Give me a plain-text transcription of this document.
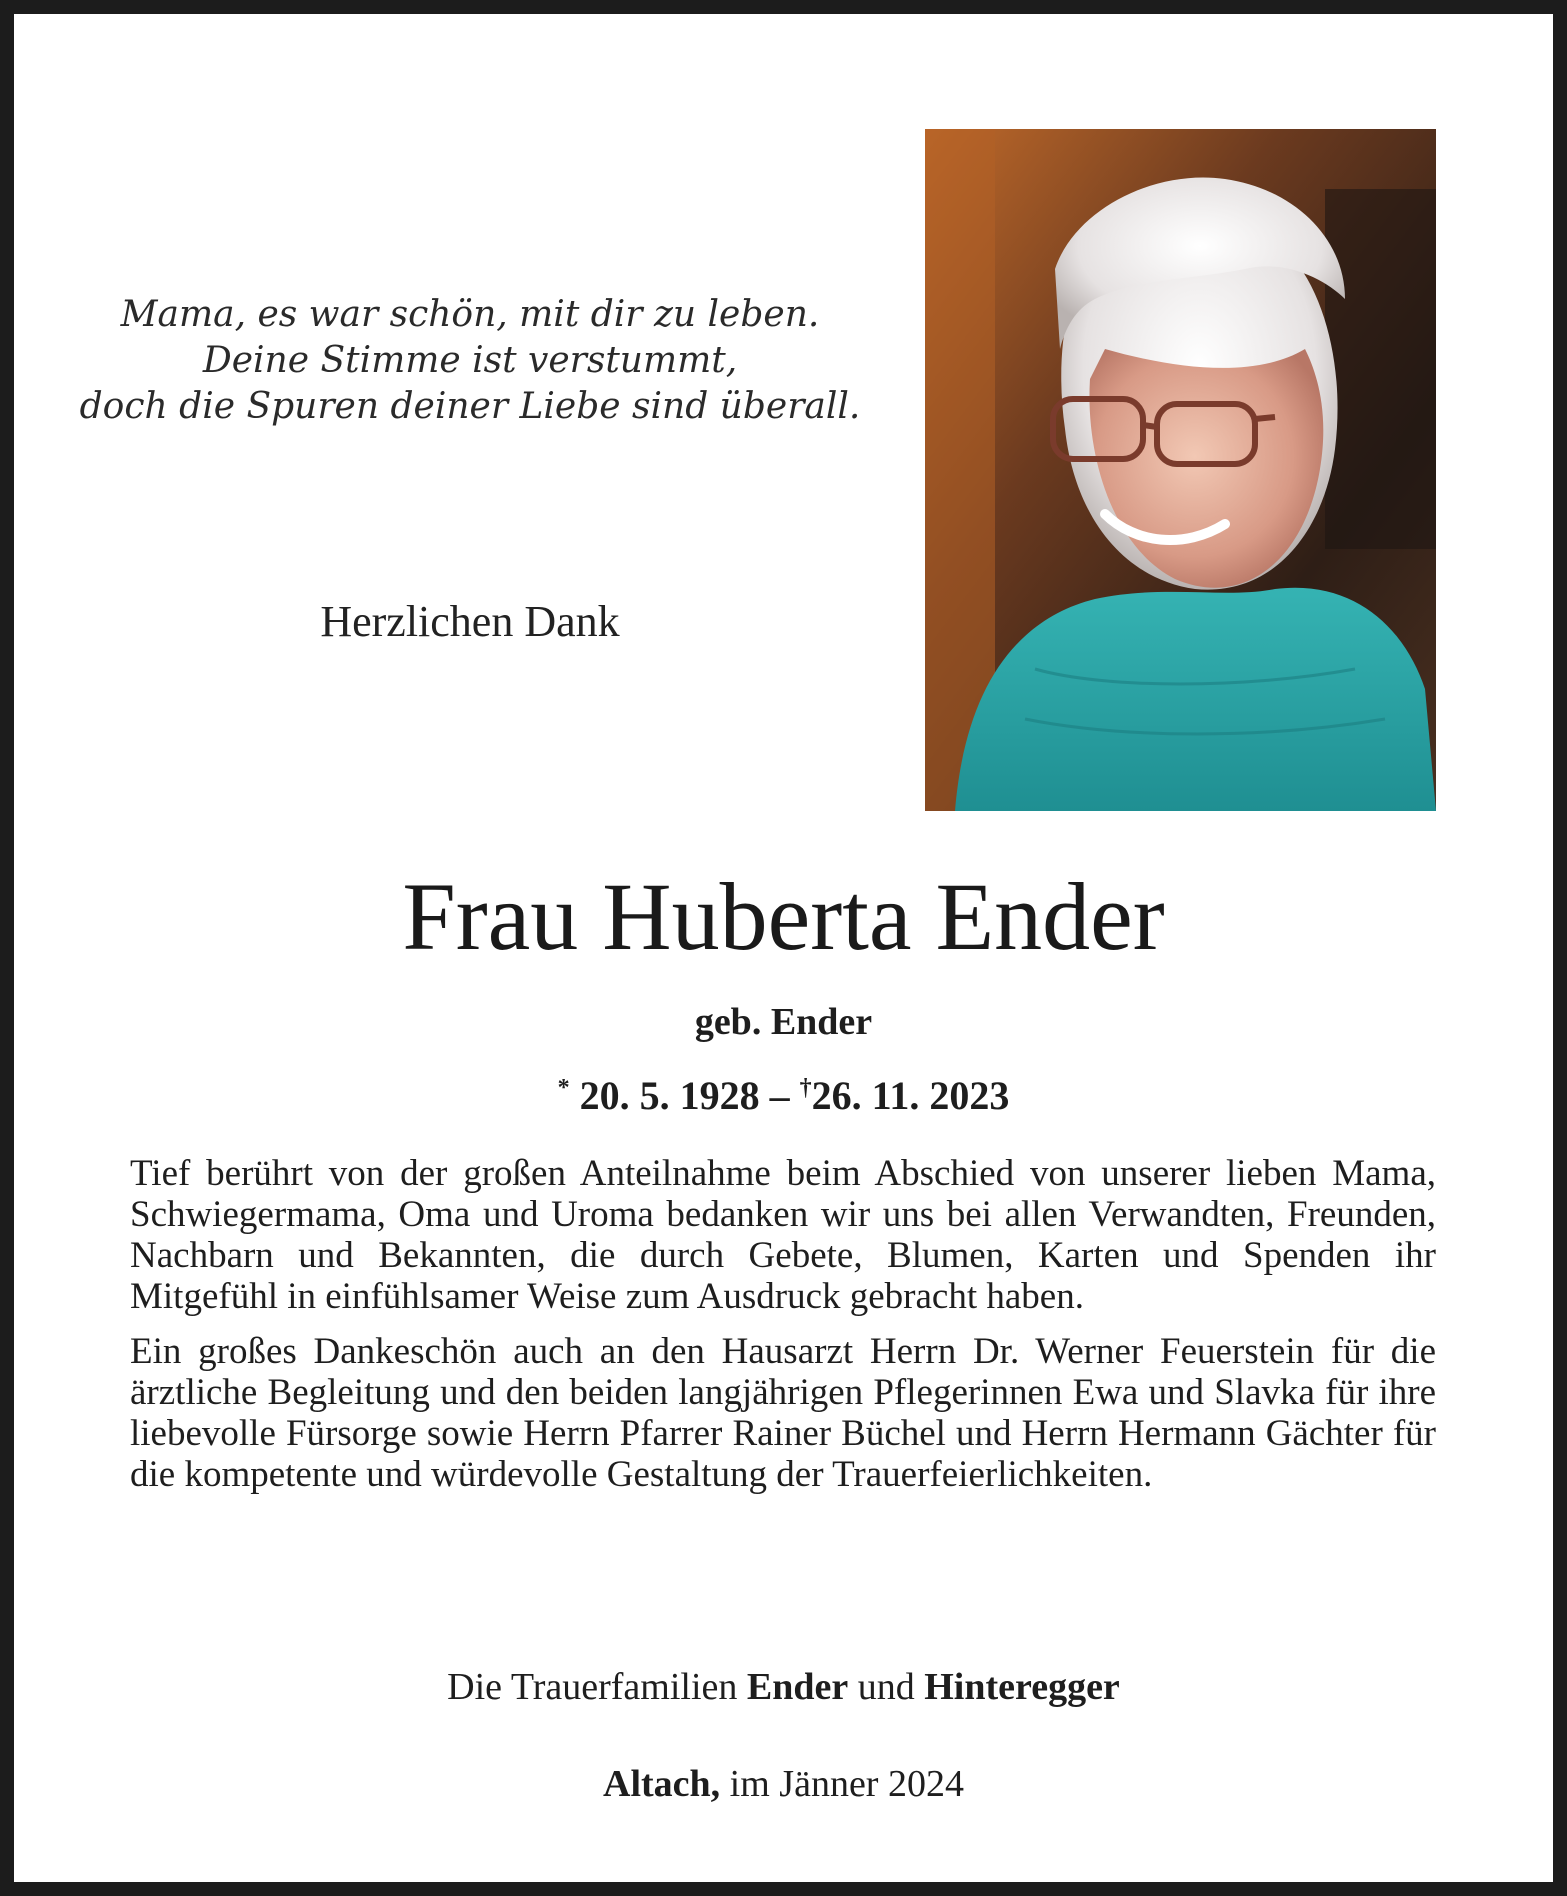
Mama, es war schön, mit dir zu leben.
Deine Stimme ist verstummt,
doch die Spuren deiner Liebe sind überall.
Herzlichen Dank
Frau Huberta Ender
geb. Ender
* 20. 5. 1928 – †26. 11. 2023

Tief berührt von der großen Anteilnahme beim Abschied von unserer lieben Mama, Schwiegermama, Oma und Uroma bedanken wir uns bei allen Verwandten, Freunden, Nachbarn und Bekannten, die durch Gebete, Blumen, Karten und Spenden ihr Mitgefühl in einfühlsamer Weise zum Ausdruck gebracht haben.

Ein großes Dankeschön auch an den Hausarzt Herrn Dr. Werner Feuerstein für die ärztliche Begleitung und den beiden langjährigen Pflegerinnen Ewa und Slavka für ihre liebevolle Fürsorge sowie Herrn Pfarrer Rainer Büchel und Herrn Hermann Gächter für die kompetente und würdevolle Gestaltung der Trauerfeierlichkeiten.

Die Trauerfamilien Ender und Hinteregger
Altach, im Jänner 2024
